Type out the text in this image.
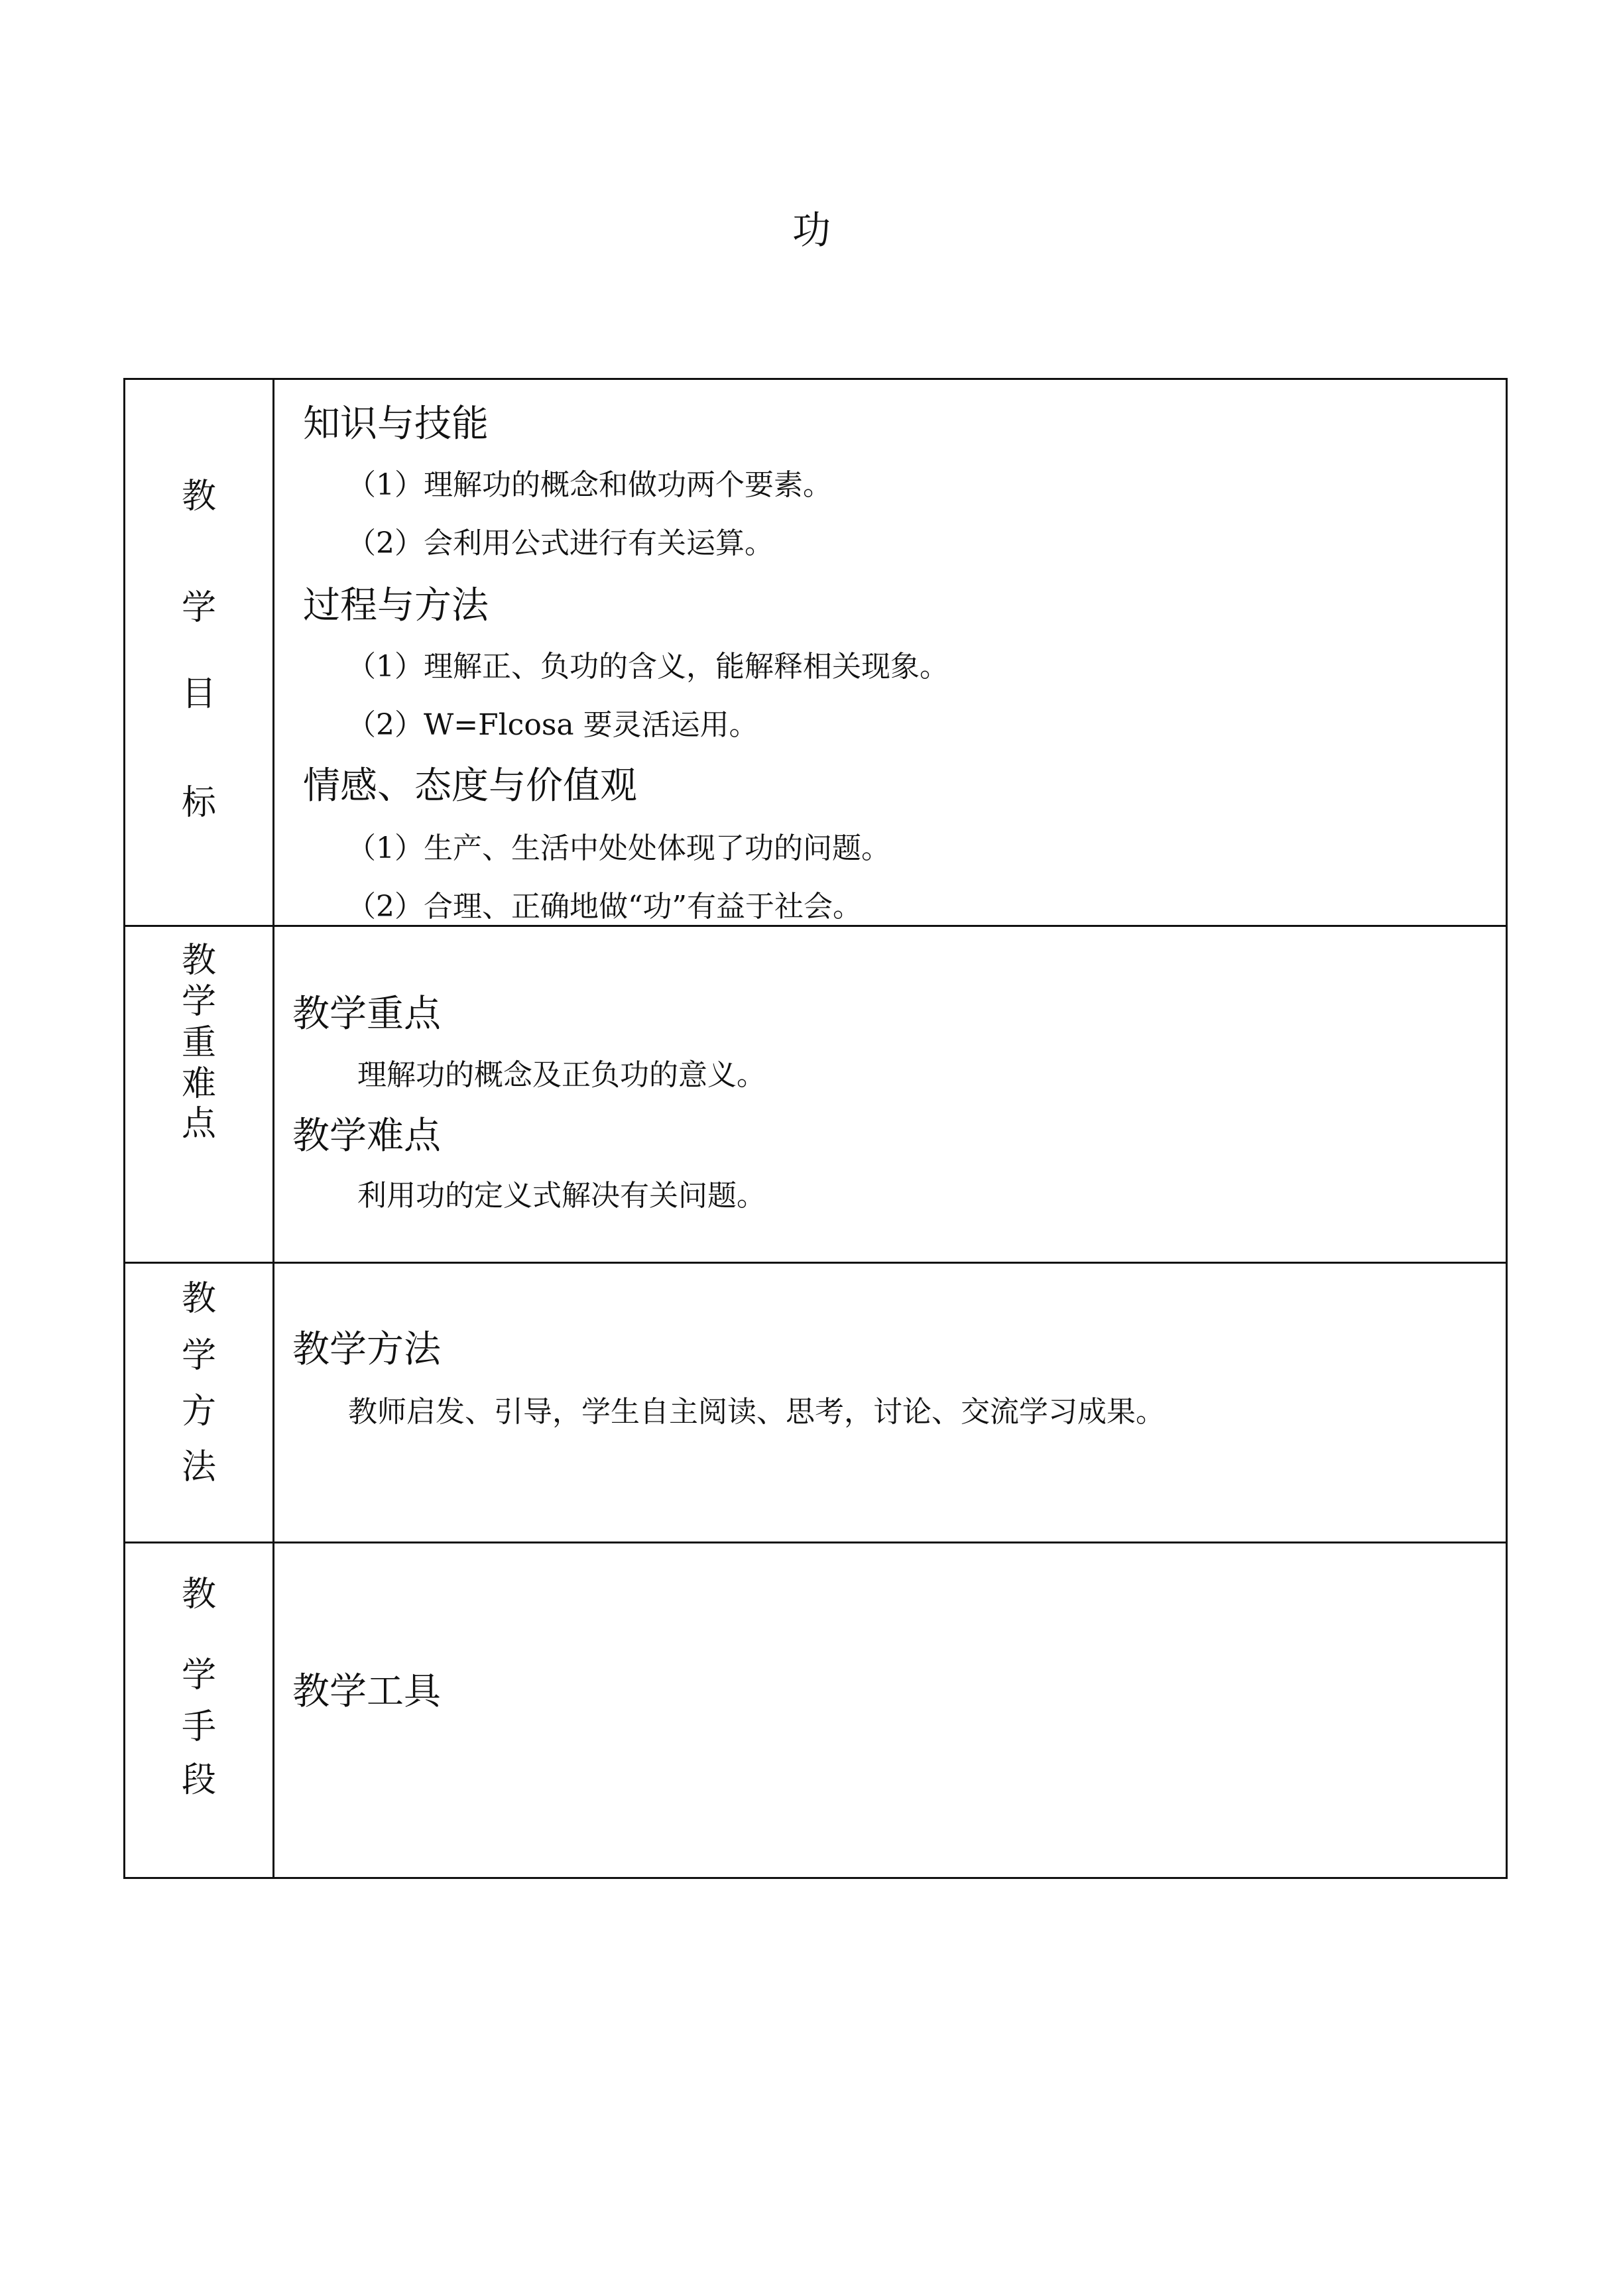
功
教
学
目
标
知识与技能
（1）理解功的概念和做功两个要素。
（2）会利用公式进行有关运算。
过程与方法
（1）理解正、负功的含义，能解释相关现象。
（2）W=Flcosa 要灵活运用。
情感、态度与价值观
（1）生产、生活中处处体现了功的问题。
（2）合理、正确地做“功”有益于社会。
教
学
重
难
点
教学重点
理解功的概念及正负功的意义。
教学难点
利用功的定义式解决有关问题。
教
学
方
法
教学方法
教师启发、引导，学生自主阅读、思考，讨论、交流学习成果。
教
学
手
段
教学工具
